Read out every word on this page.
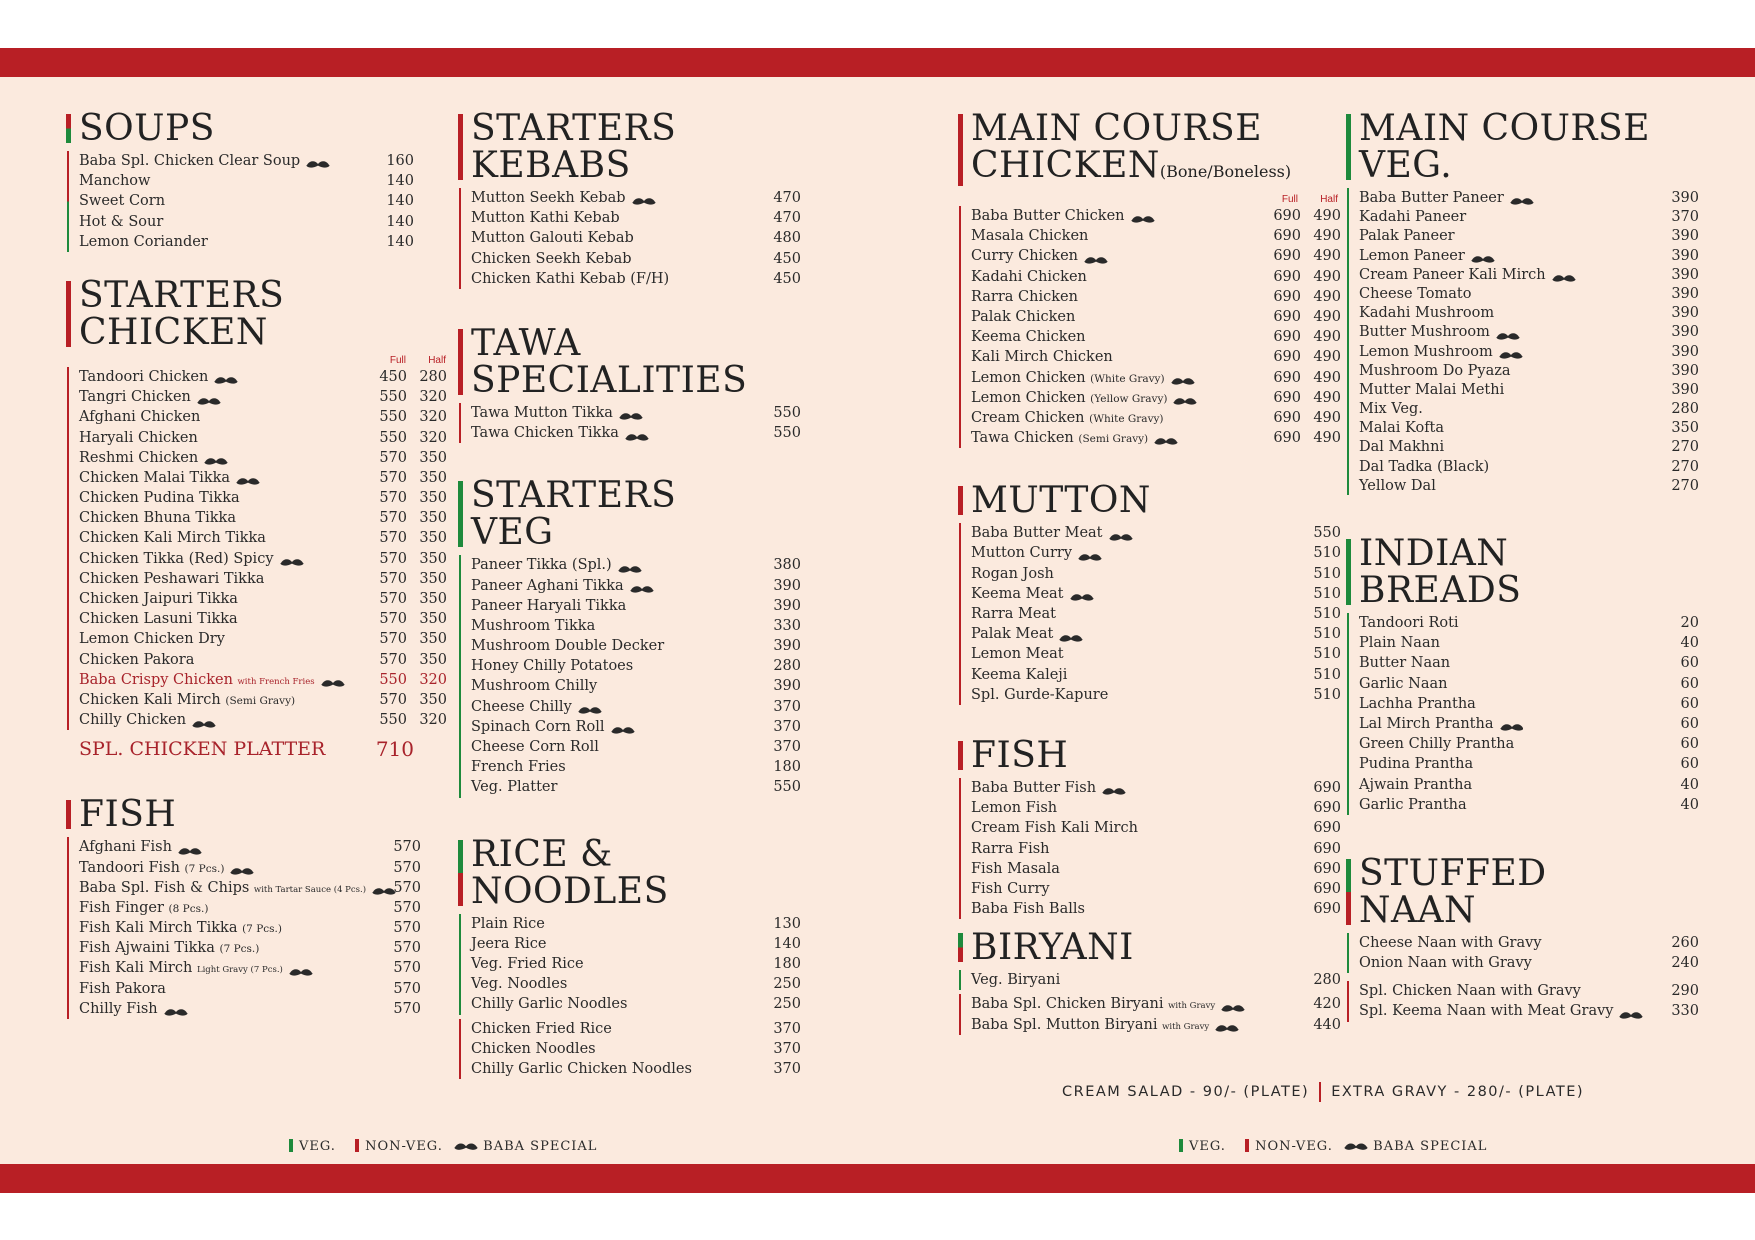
SOUPS
Baba Spl. Chicken Clear Soup	160
Manchow	140
Sweet Corn	140
Hot & Sour	140
Lemon Coriander	140
STARTERS
CHICKEN
Full	Half
Tandoori Chicken	450 280
Tangri Chicken	550 320
Afghani Chicken	550 320
Haryali Chicken	550 320
Reshmi Chicken	570 350
Chicken Malai Tikka	570 350
Chicken Pudina Tikka	570 350
Chicken Bhuna Tikka	570 350
Chicken Kali Mirch Tikka	570 350
Chicken Tikka (Red) Spicy	570 350
Chicken Peshawari Tikka	570 350
Chicken Jaipuri Tikka	570 350
Chicken Lasuni Tikka	570 350
Lemon Chicken Dry	570 350
Chicken Pakora	570 350
Baba Crispy Chicken with French Fries	550 320
Chicken Kali Mirch (Semi Gravy)	570 350
Chilly Chicken	550 320
SPL. CHICKEN PLATTER	710
FISH
Afghani Fish	570
Tandoori Fish (7 Pcs.)	570
Baba Spl. Fish & Chips with Tartar Sauce (4 Pcs.)	570
Fish Finger (8 Pcs.)	570
Fish Kali Mirch Tikka (7 Pcs.)	570
Fish Ajwaini Tikka (7 Pcs.)	570
Fish Kali Mirch Light Gravy (7 Pcs.)	570
Fish Pakora	570
Chilly Fish	570
STARTERS
KEBABS
Mutton Seekh Kebab	470
Mutton Kathi Kebab	470
Mutton Galouti Kebab	480
Chicken Seekh Kebab	450
Chicken Kathi Kebab (F/H)	450
TAWA
SPECIALITIES
Tawa Mutton Tikka	550
Tawa Chicken Tikka	550
STARTERS
VEG
Paneer Tikka (Spl.)	380
Paneer Aghani Tikka	390
Paneer Haryali Tikka	390
Mushroom Tikka	330
Mushroom Double Decker	390
Honey Chilly Potatoes	280
Mushroom Chilly	390
Cheese Chilly	370
Spinach Corn Roll	370
Cheese Corn Roll	370
French Fries	180
Veg. Platter	550
RICE &
NOODLES
Plain Rice	130
Jeera Rice	140
Veg. Fried Rice	180
Veg. Noodles	250
Chilly Garlic Noodles	250
Chicken Fried Rice	370
Chicken Noodles	370
Chilly Garlic Chicken Noodles	370
MAIN COURSE
CHICKEN(Bone/Boneless)
Full	Half
Baba Butter Chicken	690 490
Masala Chicken	690 490
Curry Chicken	690 490
Kadahi Chicken	690 490
Rarra Chicken	690 490
Palak Chicken	690 490
Keema Chicken	690 490
Kali Mirch Chicken	690 490
Lemon Chicken (White Gravy)	690 490
Lemon Chicken (Yellow Gravy)	690 490
Cream Chicken (White Gravy)	690 490
Tawa Chicken (Semi Gravy)	690 490
MUTTON
Baba Butter Meat	550
Mutton Curry	510
Rogan Josh	510
Keema Meat	510
Rarra Meat	510
Palak Meat	510
Lemon Meat	510
Keema Kaleji	510
Spl. Gurde-Kapure	510
FISH
Baba Butter Fish	690
Lemon Fish	690
Cream Fish Kali Mirch	690
Rarra Fish	690
Fish Masala	690
Fish Curry	690
Baba Fish Balls	690
BIRYANI
Veg. Biryani	280
Baba Spl. Chicken Biryani with Gravy	420
Baba Spl. Mutton Biryani with Gravy	440
MAIN COURSE
VEG.
Baba Butter Paneer	390
Kadahi Paneer	370
Palak Paneer	390
Lemon Paneer	390
Cream Paneer Kali Mirch	390
Cheese Tomato	390
Kadahi Mushroom	390
Butter Mushroom	390
Lemon Mushroom	390
Mushroom Do Pyaza	390
Mutter Malai Methi	390
Mix Veg.	280
Malai Kofta	350
Dal Makhni	270
Dal Tadka (Black)	270
Yellow Dal	270
INDIAN
BREADS
Tandoori Roti	20
Plain Naan	40
Butter Naan	60
Garlic Naan	60
Lachha Prantha	60
Lal Mirch Prantha	60
Green Chilly Prantha	60
Pudina Prantha	60
Ajwain Prantha	40
Garlic Prantha	40
STUFFED
NAAN
Cheese Naan with Gravy	260
Onion Naan with Gravy	240
Spl. Chicken Naan with Gravy	290
Spl. Keema Naan with Meat Gravy	330
CREAM SALAD - 90/- (PLATE) EXTRA GRAVY - 280/- (PLATE)
VEG. NON-VEG.	BABA SPECIAL	VEG. NON-VEG.	BABA SPECIAL
